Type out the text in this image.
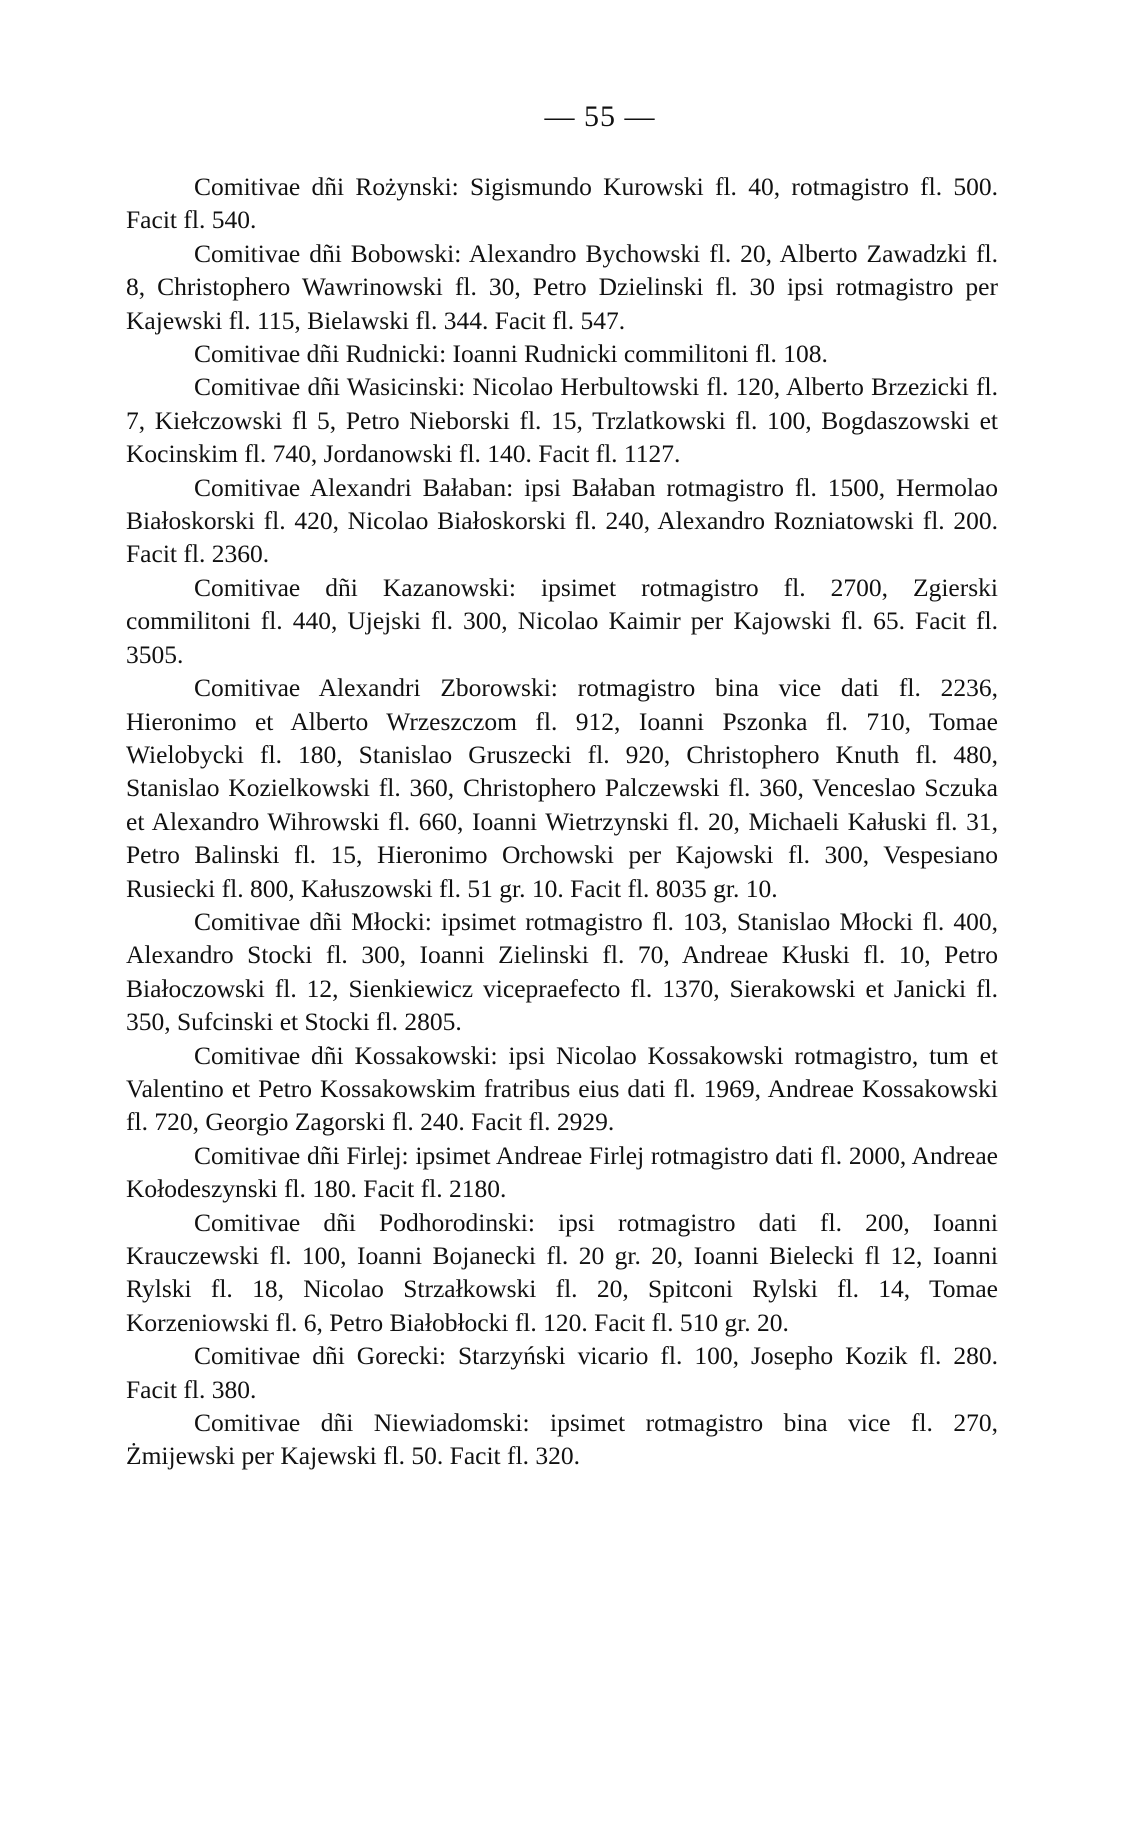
— 55 —

Comitivae dñi Rożynski: Sigismundo Kurowski fl. 40, rotmagistro fl. 500. Facit fl. 540.

Comitivae dñi Bobowski: Alexandro Bychowski fl. 20, Alberto Zawadzki fl. 8, Christophero Wawrinowski fl. 30, Petro Dzielinski fl. 30 ipsi rotmagistro per Kajewski fl. 115, Bielawski fl. 344. Facit fl. 547.

Comitivae dñi Rudnicki: Ioanni Rudnicki commilitoni fl. 108.

Comitivae dñi Wasicinski: Nicolao Herbultowski fl. 120, Alberto Brzezicki fl. 7, Kiełczowski fl 5, Petro Nieborski fl. 15, Trzlatkowski fl. 100, Bogdaszowski et Kocinskim fl. 740, Jordanowski fl. 140. Facit fl. 1127.

Comitivae Alexandri Bałaban: ipsi Bałaban rotmagistro fl. 1500, Hermolao Białoskorski fl. 420, Nicolao Białoskorski fl. 240, Alexandro Rozniatowski fl. 200. Facit fl. 2360.

Comitivae dñi Kazanowski: ipsimet rotmagistro fl. 2700, Zgierski commilitoni fl. 440, Ujejski fl. 300, Nicolao Kaimir per Kajowski fl. 65. Facit fl. 3505.

Comitivae Alexandri Zborowski: rotmagistro bina vice dati fl. 2236, Hieronimo et Alberto Wrzeszczom fl. 912, Ioanni Pszonka fl. 710, Tomae Wielobycki fl. 180, Stanislao Gruszecki fl. 920, Christophero Knuth fl. 480, Stanislao Kozielkowski fl. 360, Christophero Palczewski fl. 360, Venceslao Sczuka et Alexandro Wihrowski fl. 660, Ioanni Wietrzynski fl. 20, Michaeli Kałuski fl. 31, Petro Balinski fl. 15, Hieronimo Orchowski per Kajowski fl. 300, Vespesiano Rusiecki fl. 800, Kałuszowski fl. 51 gr. 10. Facit fl. 8035 gr. 10.

Comitivae dñi Młocki: ipsimet rotmagistro fl. 103, Stanislao Młocki fl. 400, Alexandro Stocki fl. 300, Ioanni Zielinski fl. 70, Andreae Kłuski fl. 10, Petro Białoczowski fl. 12, Sienkiewicz vicepraefecto fl. 1370, Sierakowski et Janicki fl. 350, Sufcinski et Stocki fl. 2805.

Comitivae dñi Kossakowski: ipsi Nicolao Kossakowski rotmagistro, tum et Valentino et Petro Kossakowskim fratribus eius dati fl. 1969, Andreae Kossakowski fl. 720, Georgio Zagorski fl. 240. Facit fl. 2929.

Comitivae dñi Firlej: ipsimet Andreae Firlej rotmagistro dati fl. 2000, Andreae Kołodeszynski fl. 180. Facit fl. 2180.

Comitivae dñi Podhorodinski: ipsi rotmagistro dati fl. 200, Ioanni Krauczewski fl. 100, Ioanni Bojanecki fl. 20 gr. 20, Ioanni Bielecki fl 12, Ioanni Rylski fl. 18, Nicolao Strzałkowski fl. 20, Spitconi Rylski fl. 14, Tomae Korzeniowski fl. 6, Petro Białobłocki fl. 120. Facit fl. 510 gr. 20.

Comitivae dñi Gorecki: Starzyński vicario fl. 100, Josepho Kozik fl. 280. Facit fl. 380.

Comitivae dñi Niewiadomski: ipsimet rotmagistro bina vice fl. 270, Żmijewski per Kajewski fl. 50. Facit fl. 320.
